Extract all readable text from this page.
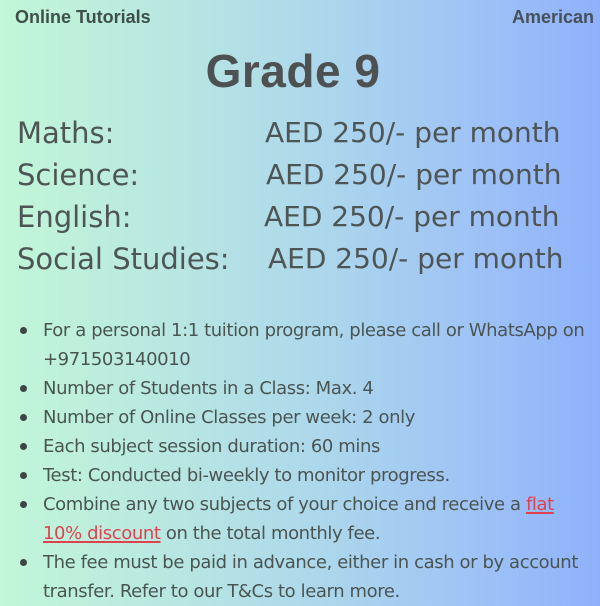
Online Tutorials	American
Grade 9
Maths:	AED 250/- per month
Science:	AED 250/- per month
English:	AED 250/- per month
Social Studies: AED 250/- per month
For a personal 1:1 tuition program, please call or WhatsApp on +971503140010
Number of Students in a Class: Max. 4
Number of Online Classes per week: 2 only
Each subject session duration: 60 mins
Test: Conducted bi-weekly to monitor progress.
Combine any two subjects of your choice and receive a flat 10% discount on the total monthly fee.
The fee must be paid in advance, either in cash or by account transfer. Refer to our T&Cs to learn more.
